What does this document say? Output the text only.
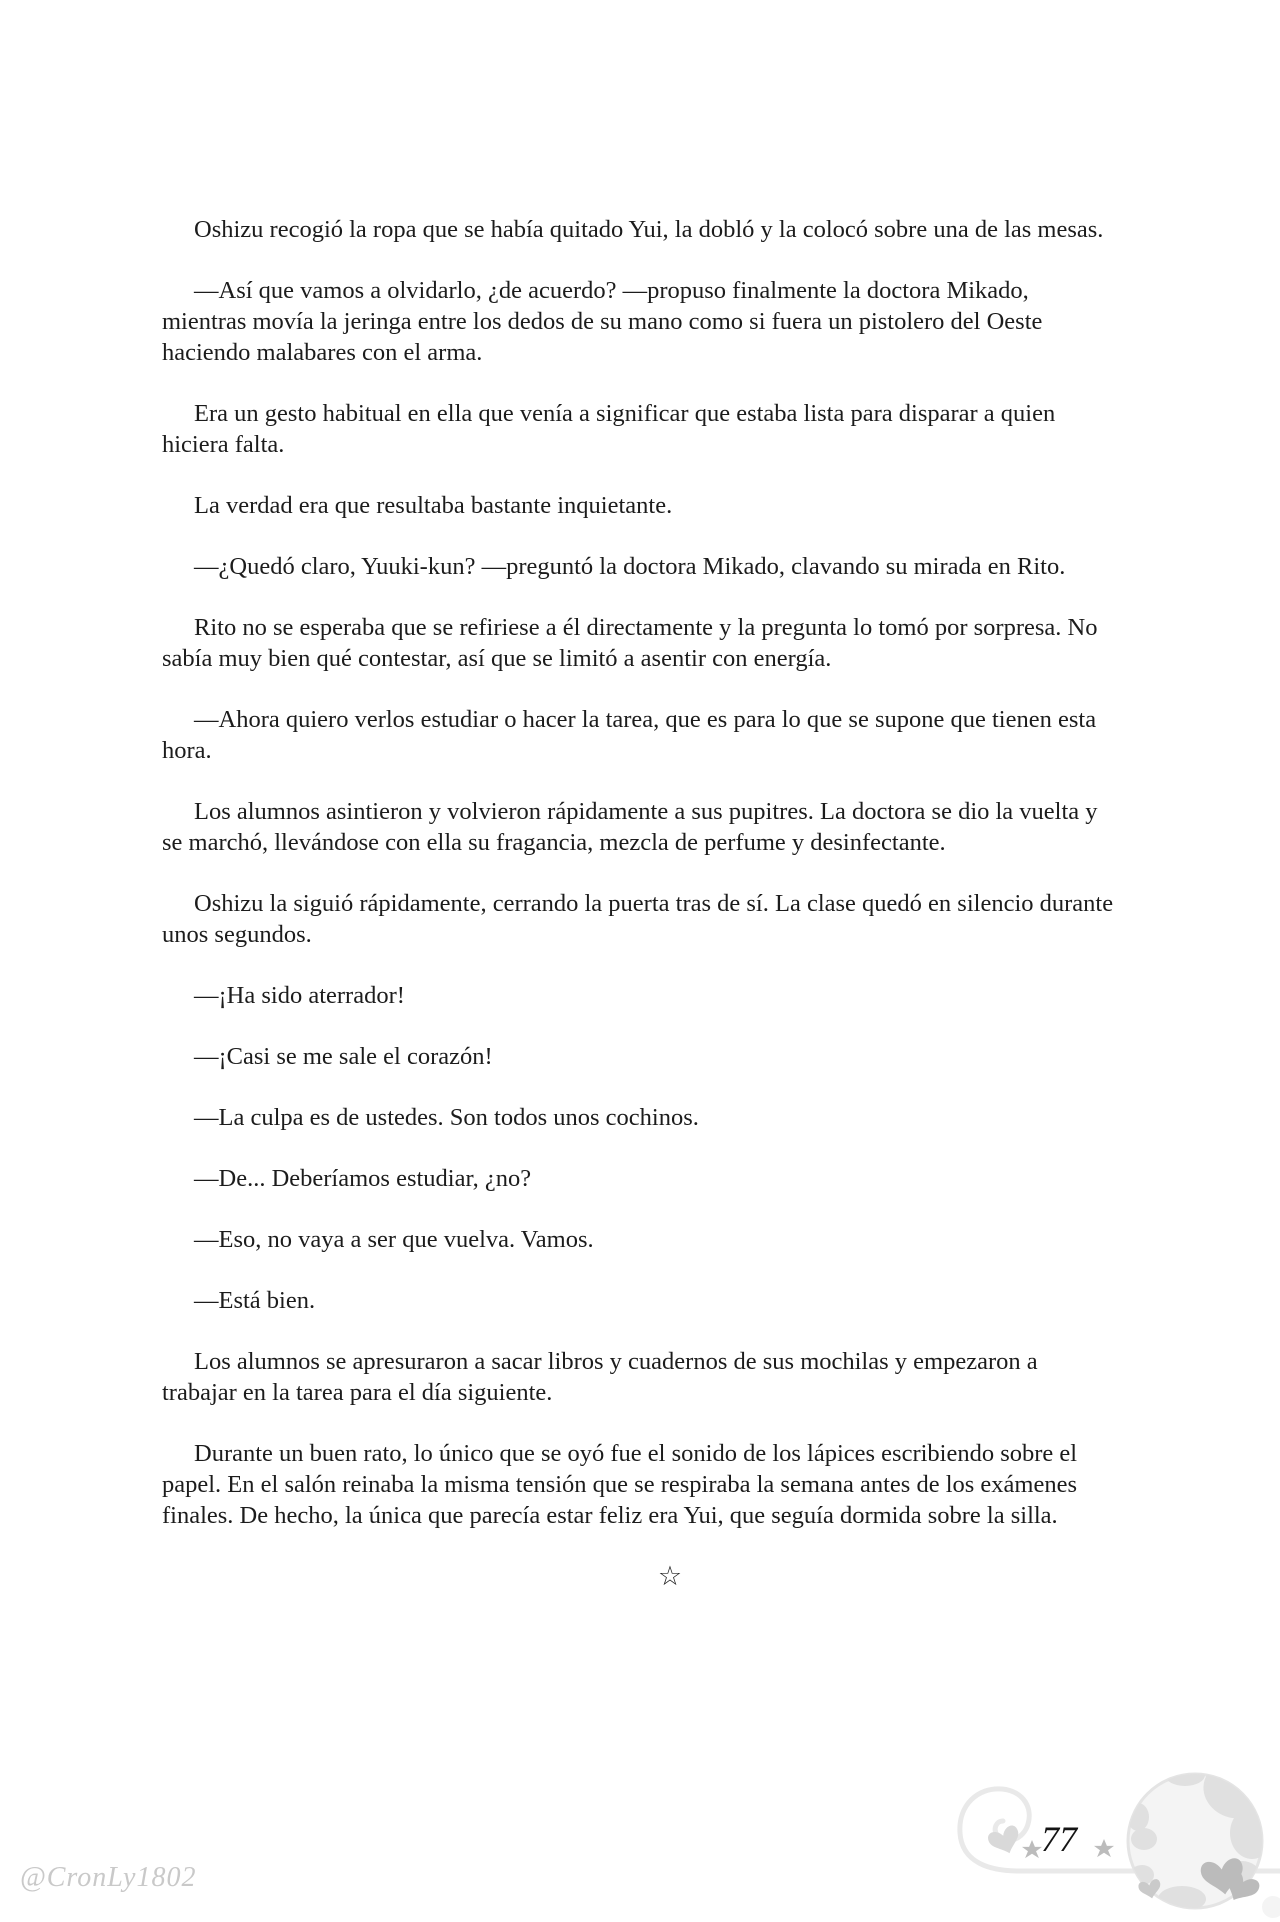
Oshizu recogió la ropa que se había quitado Yui, la dobló y la colocó sobre una de las mesas.

—Así que vamos a olvidarlo, ¿de acuerdo? —propuso finalmente la doctora Mikado, mientras movía la jeringa entre los dedos de su mano como si fuera un pistolero del Oeste haciendo malabares con el arma.

Era un gesto habitual en ella que venía a significar que estaba lista para disparar a quien hiciera falta.

La verdad era que resultaba bastante inquietante.

—¿Quedó claro, Yuuki-kun? —preguntó la doctora Mikado, clavando su mirada en Rito.

Rito no se esperaba que se refiriese a él directamente y la pregunta lo tomó por sorpresa. No sabía muy bien qué contestar, así que se limitó a asentir con energía.

—Ahora quiero verlos estudiar o hacer la tarea, que es para lo que se supone que tienen esta hora.

Los alumnos asintieron y volvieron rápidamente a sus pupitres. La doctora se dio la vuelta y se marchó, llevándose con ella su fragancia, mezcla de perfume y desinfectante.

Oshizu la siguió rápidamente, cerrando la puerta tras de sí. La clase quedó en silencio durante unos segundos.

—¡Ha sido aterrador!

—¡Casi se me sale el corazón!

—La culpa es de ustedes. Son todos unos cochinos.

—De... Deberíamos estudiar, ¿no?

—Eso, no vaya a ser que vuelva. Vamos.

—Está bien.

Los alumnos se apresuraron a sacar libros y cuadernos de sus mochilas y empezaron a trabajar en la tarea para el día siguiente.

Durante un buen rato, lo único que se oyó fue el sonido de los lápices escribiendo sobre el papel. En el salón reinaba la misma tensión que se respiraba la semana antes de los exámenes finales. De hecho, la única que parecía estar feliz era Yui, que seguía dormida sobre la silla.

☆

@CronLy1802
77
